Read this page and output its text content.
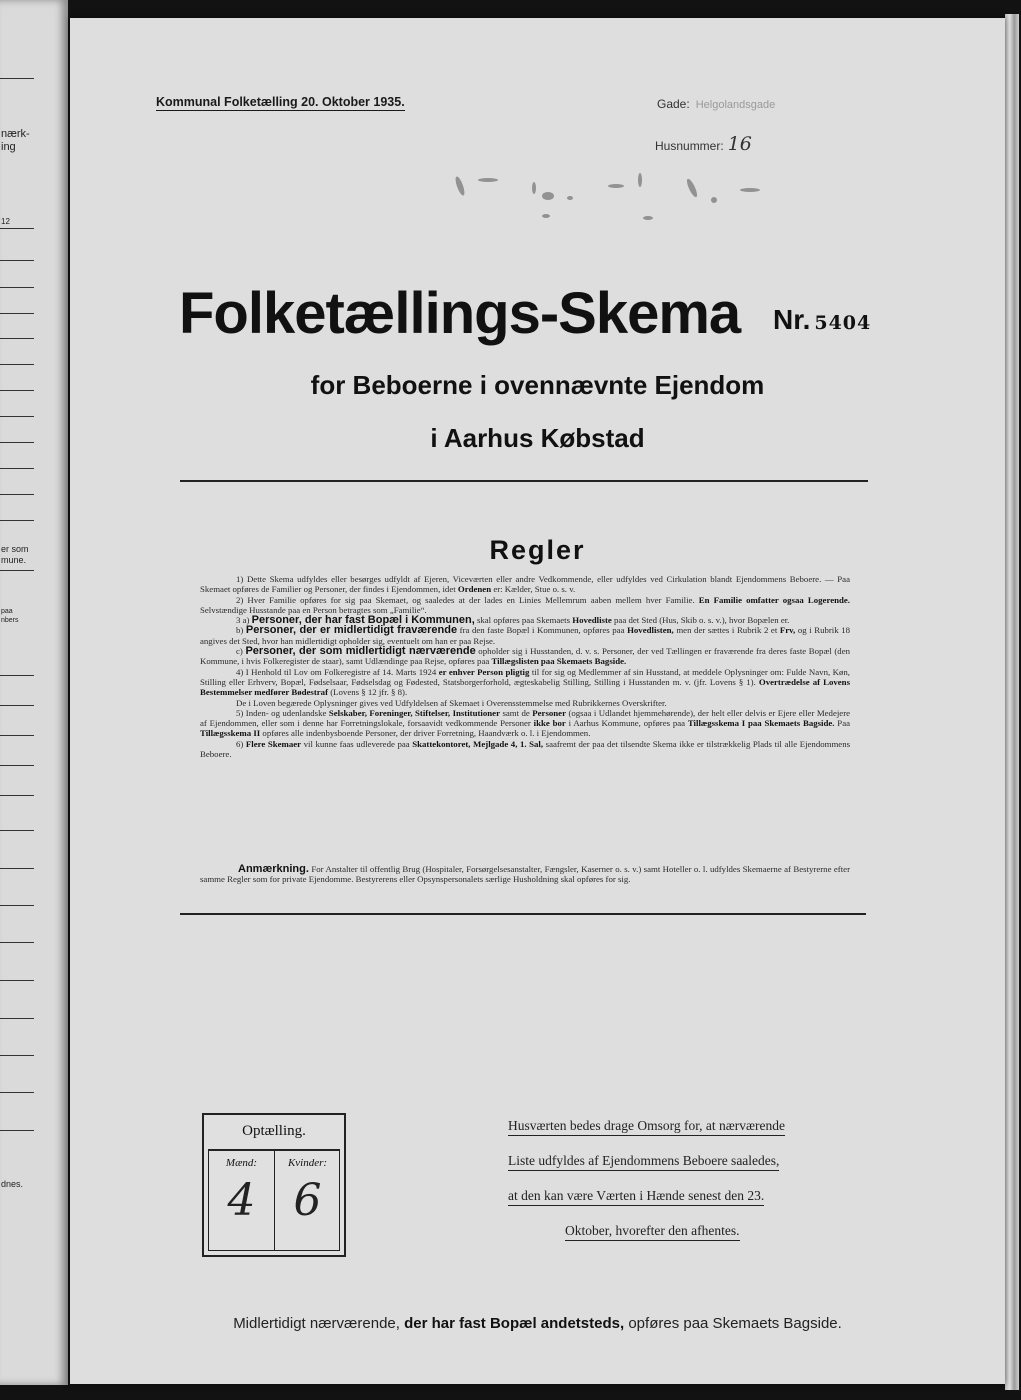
nærk-
ing
12
er som
mune.
paa
nbers
dnes.
Kommunal Folketælling 20. Oktober 1935.	Gade: Helgolandsgade
Husnummer: 16
Folketællings-Skema Nr. 5404
for Beboerne i ovennævnte Ejendom
i Aarhus Købstad
Regler

1) Dette Skema udfyldes eller besørges udfyldt af Ejeren, Viceværten eller andre Vedkommende, eller udfyldes ved Cirkulation blandt Ejendommens Beboere. — Paa Skemaet opføres de Familier og Personer, der findes i Ejendommen, idet Ordenen er: Kælder, Stue o. s. v.

2) Hver Familie opføres for sig paa Skemaet, og saaledes at der lades en Linies Mellemrum aaben mellem hver Familie. En Familie omfatter ogsaa Logerende. Selvstændige Husstande paa en Person betragtes som „Familie“.

3 a) Personer, der har fast Bopæl i Kommunen, skal opføres paa Skemaets Hovedliste paa det Sted (Hus, Skib o. s. v.), hvor Bopælen er.

b) Personer, der er midlertidigt fraværende fra den faste Bopæl i Kommunen, opføres paa Hovedlisten, men der sættes i Rubrik 2 et Frv, og i Rubrik 18 angives det Sted, hvor han midlertidigt opholder sig, eventuelt om han er paa Rejse.

c) Personer, der som midlertidigt nærværende opholder sig i Husstanden, d. v. s. Personer, der ved Tællingen er fraværende fra deres faste Bopæl (den Kommune, i hvis Folkeregister de staar), samt Udlændinge paa Rejse, opføres paa Tillægslisten paa Skemaets Bagside.

4) I Henhold til Lov om Folkeregistre af 14. Marts 1924 er enhver Person pligtig til for sig og Medlemmer af sin Husstand, at meddele Oplysninger om: Fulde Navn, Køn, Stilling eller Erhverv, Bopæl, Fødselsaar, Fødselsdag og Fødested, Statsborgerforhold, ægteskabelig Stilling, Stilling i Husstanden m. v. (jfr. Lovens § 1). Overtrædelse af Lovens Bestemmelser medfører Bødestraf (Lovens § 12 jfr. § 8).

De i Loven begærede Oplysninger gives ved Udfyldelsen af Skemaet i Overensstemmelse med Rubrikkernes Overskrifter.

5) Inden- og udenlandske Selskaber, Foreninger, Stiftelser, Institutioner samt de Personer (ogsaa i Udlandet hjemmehørende), der helt eller delvis er Ejere eller Medejere af Ejendommen, eller som i denne har Forretningslokale, forsaavidt vedkommende Personer ikke bor i Aarhus Kommune, opføres paa Tillægsskema I paa Skemaets Bagside. Paa Tillægsskema II opføres alle indenbysboende Personer, der driver Forretning, Haandværk o. l. i Ejendommen.

6) Flere Skemaer vil kunne faas udleverede paa Skattekontoret, Mejlgade 4, 1. Sal, saafremt der paa det tilsendte Skema ikke er tilstrækkelig Plads til alle Ejendommens Beboere.

Anmærkning. For Anstalter til offentlig Brug (Hospitaler, Forsørgelsesanstalter, Fængsler, Kaserner o. s. v.) samt Hoteller o. l. udfyldes Skemaerne af Bestyrerne efter samme Regler som for private Ejendomme. Bestyrerens eller Opsynspersonalets særlige Husholdning skal opføres for sig.
Optælling.
Mænd:	Kvinder:
4 6
Husværten bedes drage Omsorg for, at nærværende
Liste udfyldes af Ejendommens Beboere saaledes,
at den kan være Værten i Hænde senest den 23.
Oktober, hvorefter den afhentes.
Midlertidigt nærværende, der har fast Bopæl andetsteds, opføres paa Skemaets Bagside.
